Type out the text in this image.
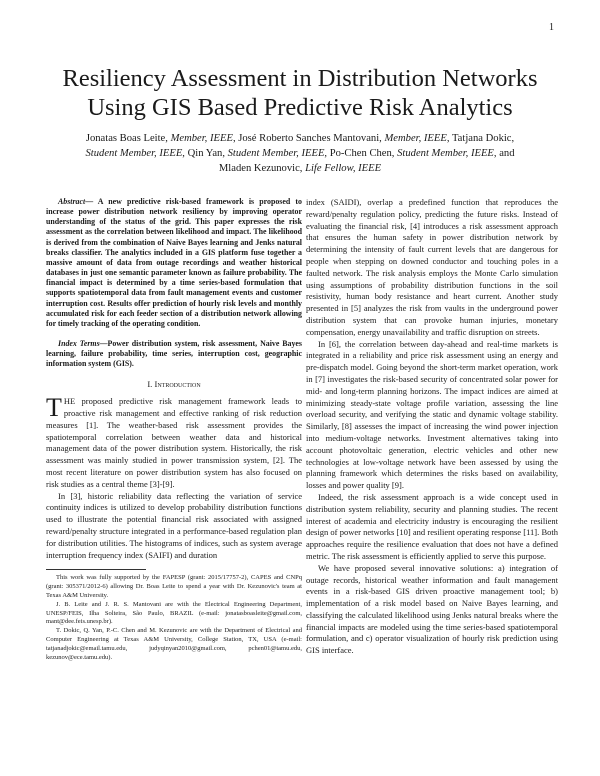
1
Resiliency Assessment in Distribution Networks
Using GIS Based Predictive Risk Analytics
Jonatas Boas Leite, Member, IEEE, José Roberto Sanches Mantovani, Member, IEEE, Tatjana Dokic,
Student Member, IEEE, Qin Yan, Student Member, IEEE, Po-Chen Chen, Student Member, IEEE, and
Mladen Kezunovic, Life Fellow, IEEE

Abstract— A new predictive risk-based framework is proposed to increase power distribution network resiliency by improving operator understanding of the status of the grid. This paper expresses the risk assessment as the correlation between likelihood and impact. The likelihood is derived from the combination of Naive Bayes learning and Jenks natural breaks classifier. The analytics included in a GIS platform fuse together a massive amount of data from outage recordings and weather historical databases in just one semantic parameter known as failure probability. The financial impact is determined by a time series-based formulation that supports spatiotemporal data from fault management events and customer interruption cost. Results offer prediction of hourly risk levels and monthly accumulated risk for each feeder section of a distribution network allowing for timely tracking of the operating condition.

Index Terms—Power distribution system, risk assessment, Naive Bayes learning, failure probability, time series, interruption cost, geographic information system (GIS).

I. Introduction

THE proposed predictive risk management framework leads to proactive risk management and effective ranking of risk reduction measures [1]. The weather-based risk assessment provides the spatiotemporal correlation between weather data and historical management data of the power distribution system. Historically, the risk assessment was mainly studied in power transmission system, [2]. The most recent literature on power distribution system has also focused on risk studies as a central theme [3]-[9].

In [3], historic reliability data reflecting the variation of service continuity indices is utilized to develop probability distribution functions used to illustrate the potential financial risk associated with assigned reward/penalty structure integrated in a performance-based regulation plan for distribution utilities. The histograms of indices, such as system average interruption frequency index (SAIFI) and duration

This work was fully supported by the FAPESP (grant: 2015/17757-2), CAPES and CNPq (grant: 305371/2012-6) allowing Dr. Boas Leite to spend a year with Dr. Kezunovic's team at Texas A&M University.

J. B. Leite and J. R. S. Mantovani are with the Electrical Engineering Department, UNESP/FEIS, Ilha Solteira, São Paulo, BRAZIL (e-mail: jonatasboasleite@gmail.com, mant@dee.feis.unesp.br).

T. Dokic, Q. Yan, P.-C. Chen and M. Kezunovic are with the Department of Electrical and Computer Engineering at Texas A&M University, College Station, TX, USA (e-mail: tatjanadjokic@email.tamu.edu, judyqinyan2010@gmail.com, pchen01@tamu.edu, kezunov@ece.tamu.edu).

index (SAIDI), overlap a predefined function that reproduces the reward/penalty regulation policy, predicting the future risks. Instead of evaluating the financial risk, [4] introduces a risk assessment approach that ensures the human safety in power distribution network by determining the intensity of fault current levels that are dangerous for people when stepping on downed conductor and touching poles in a faulted network. The risk analysis employs the Monte Carlo simulation using assumptions of probability distribution functions in the soil resistivity, human body resistance and heart current. Another study presented in [5] analyzes the risk from vaults in the underground power distribution system that can provoke human injuries, monetary compensation, energy unavailability and traffic disruption on streets.

In [6], the correlation between day-ahead and real-time markets is integrated in a reliability and price risk assessment using an energy and pre-dispatch model. Going beyond the short-term market operation, work in [7] investigates the risk-based security of concentrated solar power for mid- and long-term planning horizons. The impact indices are aimed at minimizing steady-state voltage profile variation, assessing the line overload security, and verifying the static and dynamic voltage stability. Similarly, [8] assesses the impact of increasing the wind power injection into medium-voltage networks. Investment alternatives taking into account photovoltaic generation, electric vehicles and other new technologies at low-voltage network have been assessed by using the planning framework which determines the risks based on availability, losses and power quality [9].

Indeed, the risk assessment approach is a wide concept used in distribution system reliability, security and planning studies. The recent interest of academia and electricity industry is encouraging the resilient design of power networks [10] and resilient operating response [11]. Both approaches require the resilience evaluation that does not have a defined metric. The risk assessment is efficiently applied to serve this purpose.

We have proposed several innovative solutions: a) integration of outage records, historical weather information and fault management events in a risk-based GIS driven proactive management tool; b) implementation of a risk model based on Naive Bayes learning, and classifying the calculated likelihood using Jenks natural breaks where the financial impacts are modeled using the time series-based spatiotemporal formulation, and c) operator visualization of hourly risk prediction using GIS interface.
